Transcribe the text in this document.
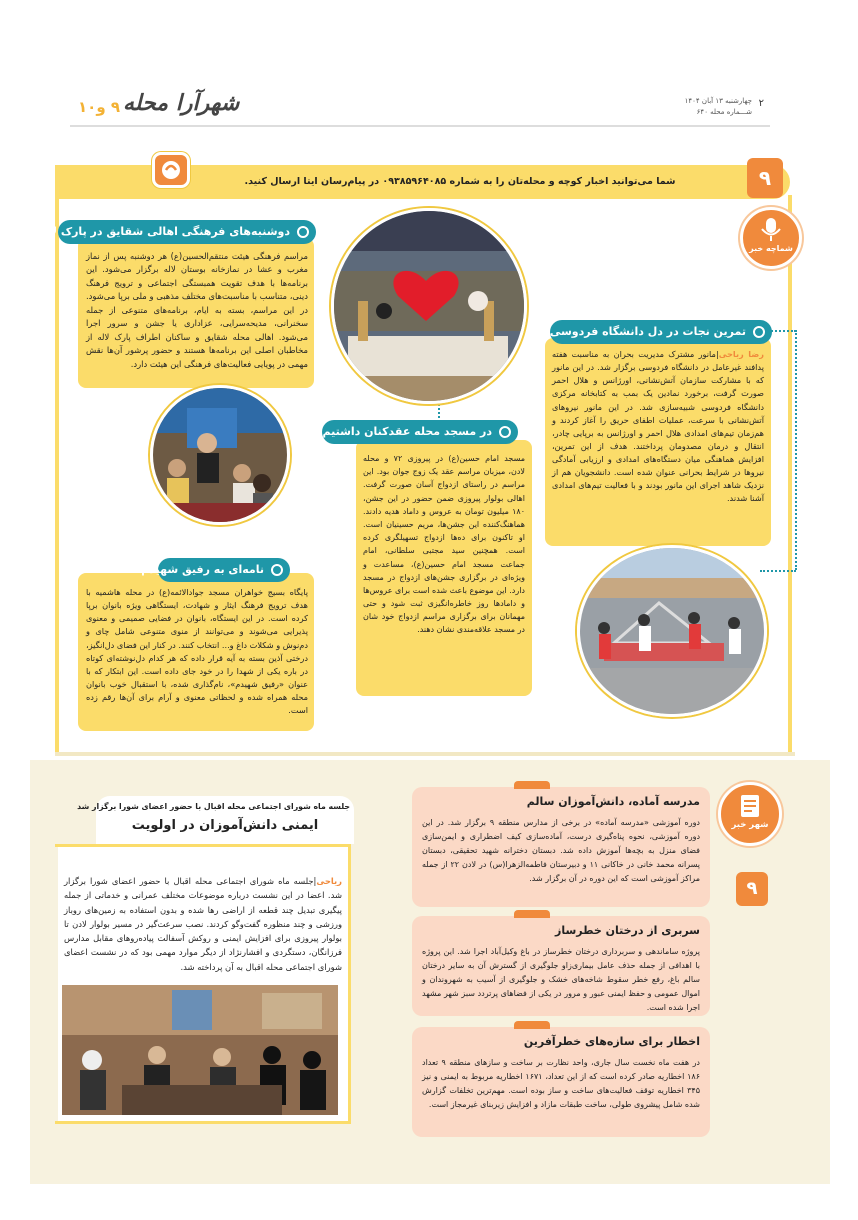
شهرآرا محله
۹ و۱۰	چهارشنبه ۱۳ آبان ۱۴۰۴
شـــماره محله ۶۴۰
۲
شما می‌توانید اخبار کوچه و محله‌تان را به شماره ۰۹۳۸۵۹۶۴۰۸۵ در پیام‌رسان ایتا ارسال کنید.	۹
شماچه خبر
دوشنبه‌های فرهنگی اهالی شقایق در پارک لاله
مراسم فرهنگی هیئت منتقم‌الحسین(ع) هر دوشنبه پس از نماز مغرب و عشا در نمازخانه بوستان لاله برگزار می‌شود. این برنامه‌ها با هدف تقویت همبستگی اجتماعی و ترویج فرهنگ دینی، متناسب با مناسبت‌های مختلف مذهبی و ملی برپا می‌شود. در این مراسم، بسته به ایام، برنامه‌های متنوعی از جمله سخنرانی، مدیحه‌سرایی، عزاداری یا جشن و سرور اجرا می‌شود. اهالی محله شقایق و ساکنان اطراف پارک لاله از مخاطبان اصلی این برنامه‌ها هستند و حضور پرشور آن‌ها نقش مهمی در پویایی فعالیت‌های فرهنگی این هیئت دارد.
تمرین نجات در دل دانشگاه فردوسی
رضا رباحی|مانور مشترک مدیریت بحران به مناسبت هفته پدافند غیرعامل در دانشگاه فردوسی برگزار شد. در این مانور که با مشارکت سازمان آتش‌نشانی، اورژانس و هلال احمر صورت گرفت، برخورد نمادین یک بمب به کتابخانه مرکزی دانشگاه فردوسی شبیه‌سازی شد. در این مانور نیروهای آتش‌نشانی با سرعت، عملیات اطفای حریق را آغاز کردند و هم‌زمان تیم‌های امدادی هلال احمر و اورژانس به برپایی چادر، انتقال و درمان مصدومان پرداختند. هدف از این تمرین، افزایش هماهنگی میان دستگاه‌های امدادی و ارزیابی آمادگی نیروها در شرایط بحرانی عنوان شده است. دانشجویان هم از نزدیک شاهد اجرای این مانور بودند و با فعالیت تیم‌های امدادی آشنا شدند.
در مسجد محله عقدکنان داشتیم
مسجد امام حسین(ع) در پیروزی ۷۲ و محله لادن، میزبان مراسم عقد یک زوج جوان بود. این مراسم در راستای ازدواج آسان صورت گرفت. اهالی بولوار پیروزی ضمن حضور در این جشن، ۱۸۰ میلیون تومان به عروس و داماد هدیه دادند. هماهنگ‌کننده این جشن‌ها، مریم حسینیان است. او تاکنون برای ده‌ها ازدواج تسهیلگری کرده است. همچنین سید مجتبی سلطانی، امام جماعت مسجد امام حسین(ع)، مساعدت و ویژه‌ای در برگزاری جشن‌های ازدواج در مسجد دارد. این موضوع باعث شده است برای عروس‌ها و دامادها روز خاطره‌انگیزی ثبت شود و حتی مهمانان برای برگزاری مراسم ازدواج خود شان در مسجد علاقه‌مندی نشان دهند.
نامه‌ای به رفیق شهیدم
پایگاه بسیج خواهران مسجد جوادالائمه(ع) در محله هاشمیه با هدف ترویج فرهنگ ایثار و شهادت، ایستگاهی ویژه بانوان برپا کرده است. در این ایستگاه، بانوان در فضایی صمیمی و معنوی پذیرایی می‌شوند و می‌توانند از منوی متنوعی شامل چای و دم‌نوش و شکلات داغ و... انتخاب کنند. در کنار این فضای دل‌انگیز، درختی آذین بسته به آیه قرار داده که هر کدام دل‌نوشته‌ای کوتاه در باره یکی از شهدا را در خود جای داده است. این ابتکار که با عنوان «رفیق شهیدم»، نام‌گذاری شده، با استقبال خوب بانوان محله همراه شده و لحظاتی معنوی و آرام برای آن‌ها رقم زده است.
جلسه ماه شورای اجتماعی محله اقبال با حضور اعضای شورا برگزار شد
ایمنی دانش‌آموزان در اولویت
ریاحی|جلسه ماه شورای اجتماعی محله اقبال با حضور اعضای شورا برگزار شد. اعضا در این نشست درباره موضوعات مختلف عمرانی و خدماتی از جمله پیگیری تبدیل چند قطعه از اراضی رها شده و بدون استفاده به زمین‌های روباز ورزشی و چند منظوره گفت‌وگو کردند. نصب سرعت‌گیر در مسیر بولوار لادن تا بولوار پیروزی برای افزایش ایمنی و روکش آسفالت پیاده‌روهای مقابل مدارس فرزانگان، دستگردی و افشارنژاد از دیگر موارد مهمی بود که در نشست اعضای شورای اجتماعی محله اقبال به آن پرداخته شد.
شهر خبر
۹
مدرسه آماده، دانش‌آموزان سالم
دوره آموزشی «مدرسه آماده» در برخی از مدارس منطقه ۹ برگزار شد. در این دوره آموزشی، نحوه پناه‌گیری درست، آماده‌سازی کیف اضطراری و ایمن‌سازی فضای منزل به بچه‌ها آموزش داده شد. دبستان دخترانه شهید تحقیقی، دبستان پسرانه محمد خانی در خاکانی ۱۱ و دبیرستان فاطمه‌الزهرا(س) در لادن ۲۲ از جمله مراکز آموزشی است که این دوره در آن برگزار شد.
سربری از درختان خطرساز
پروژه ساماندهی و سربرداری درختان خطرساز در باغ وکیل‌آباد اجرا شد. این پروژه با اهدافی از جمله حذف عامل بیماری‌زاو جلوگیری از گسترش آن به سایر درختان سالم باغ، رفع خطر سقوط شاخه‌های خشک و جلوگیری از آسیب به شهروندان و اموال عمومی و حفظ ایمنی عبور و مرور در یکی از فضاهای پرتردد سبز شهر مشهد اجرا شده است.
اخطار برای سازه‌های خطرآفرین
در هفت ماه نخست سال جاری، واحد نظارت بر ساخت و سازهای منطقه ۹ تعداد ۱۸۶ اخطاریه صادر کرده است که از این تعداد، ۱۶۷۱ اخطاریه مربوط به ایمنی و نیز ۳۴۵ اخطاریه توقف فعالیت‌های ساخت و ساز بوده است. مهم‌ترین تخلفات گزارش شده شامل پیشروی طولی، ساخت طبقات مازاد و افزایش زیربنای غیرمجاز است.
